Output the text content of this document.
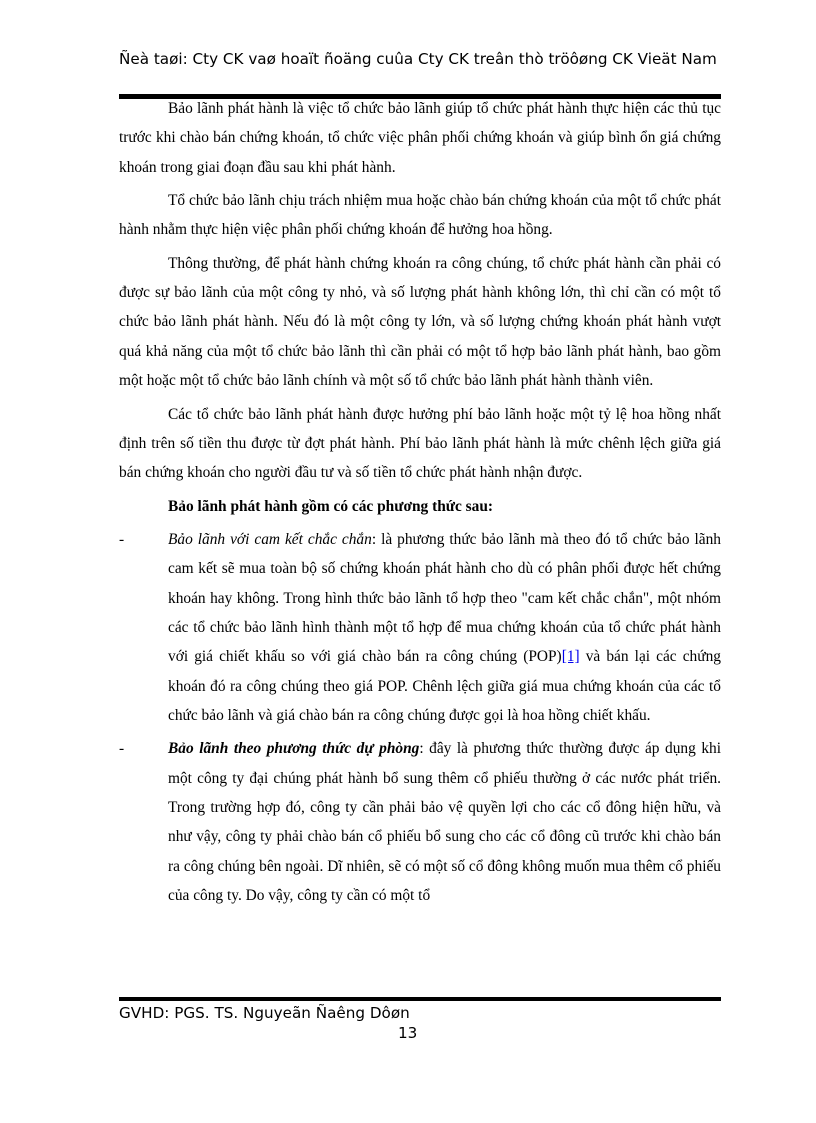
Ñeà taøi: Cty CK vaø hoaït ñoäng cuûa Cty CK treân thò tröôøng CK Vieät Nam

Bảo lãnh phát hành là việc tổ chức bảo lãnh giúp tổ chức phát hành thực hiện các thủ tục trước khi chào bán chứng khoán, tổ chức việc phân phối chứng khoán và giúp bình ổn giá chứng khoán trong giai đoạn đầu sau khi phát hành.

Tổ chức bảo lãnh chịu trách nhiệm mua hoặc chào bán chứng khoán của một tổ chức phát hành nhằm thực hiện việc phân phối chứng khoán để hưởng hoa hồng.

Thông thường, để phát hành chứng khoán ra công chúng, tổ chức phát hành cần phải có được sự bảo lãnh của một công ty nhỏ, và số lượng phát hành không lớn, thì chỉ cần có một tổ chức bảo lãnh phát hành. Nếu đó là một công ty lớn, và số lượng chứng khoán phát hành vượt quá khả năng của một tổ chức bảo lãnh thì cần phải có một tổ hợp bảo lãnh phát hành, bao gồm một hoặc một tổ chức bảo lãnh chính và một số tổ chức bảo lãnh phát hành thành viên.

Các tổ chức bảo lãnh phát hành được hưởng phí bảo lãnh hoặc một tỷ lệ hoa hồng nhất định trên số tiền thu được từ đợt phát hành. Phí bảo lãnh phát hành là mức chênh lệch giữa giá bán chứng khoán cho người đầu tư và số tiền tổ chức phát hành nhận được.

Bảo lãnh phát hành gồm có các phương thức sau:

-	Bảo lãnh với cam kết chắc chắn: là phương thức bảo lãnh mà theo đó tổ chức bảo lãnh cam kết sẽ mua toàn bộ số chứng khoán phát hành cho dù có phân phối được hết chứng khoán hay không. Trong hình thức bảo lãnh tổ hợp theo "cam kết chắc chắn", một nhóm các tổ chức bảo lãnh hình thành một tổ hợp để mua chứng khoán của tổ chức phát hành với giá chiết khấu so với giá chào bán ra công chúng (POP)[1] và bán lại các chứng khoán đó ra công chúng theo giá POP. Chênh lệch giữa giá mua chứng khoán của các tổ chức bảo lãnh và giá chào bán ra công chúng được gọi là hoa hồng chiết khấu.

-	Bảo lãnh theo phương thức dự phòng: đây là phương thức thường được áp dụng khi một công ty đại chúng phát hành bổ sung thêm cổ phiếu thường ở các nước phát triển. Trong trường hợp đó, công ty cần phải bảo vệ quyền lợi cho các cổ đông hiện hữu, và như vậy, công ty phải chào bán cổ phiếu bổ sung cho các cổ đông cũ trước khi chào bán ra công chúng bên ngoài. Dĩ nhiên, sẽ có một số cổ đông không muốn mua thêm cổ phiếu của công ty. Do vậy, công ty cần có một tổ

GVHD: PGS. TS. Nguyeãn Ñaêng Dôøn
13
